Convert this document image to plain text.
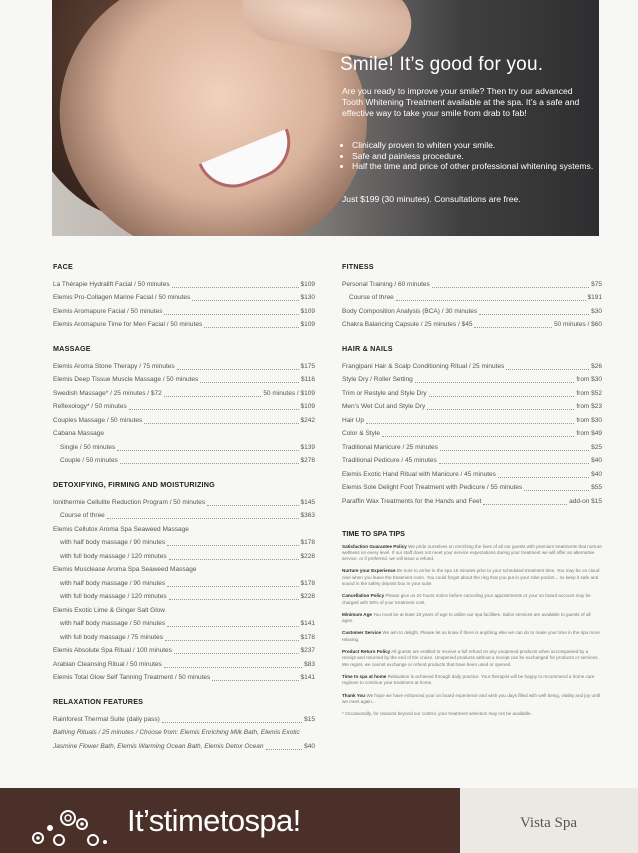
Smile! It’s good for you.
Are you ready to improve your smile? Then try our advanced Tooth Whitening Treatment available at the spa. It’s a safe and effective way to take your smile from drab to fab!
• Clinically proven to whiten your smile.
• Safe and painless procedure.
• Half the time and price of other professional whitening systems.
Just $199 (30 minutes). Consultations are free.
FACE
La Thérapie Hydralift Facial / 50 minutes	$109
Elemis Pro-Collagen Marine Facial / 50 minutes	$130
Elemis Aromapure Facial / 50 minutes	$109
Elemis Aromapure Time for Men Facial / 50 minutes	$109
MASSAGE
Elemis Aroma Stone Therapy / 75 minutes	$175
Elemis Deep Tissue Muscle Massage / 50 minutes	$116
Swedish Massage* / 25 minutes / $72	50 minutes / $109
Reflexology* / 50 minutes	$109
Couples Massage / 50 minutes	$242
Cabana Massage
Single / 50 minutes	$139
Couple / 50 minutes	$278
DETOXIFYING, FIRMING AND MOISTURIZING
Ionithermie Cellulite Reduction Program / 50 minutes	$145
Course of three	$363
Elemis Cellutox Aroma Spa Seaweed Massage
with half body massage / 90 minutes	$178
with full body massage / 120 minutes	$228
Elemis Musclease Aroma Spa Seaweed Massage
with half body massage / 90 minutes	$178
with full body massage / 120 minutes	$228
Elemis Exotic Lime & Ginger Salt Glow
with half body massage / 50 minutes	$141
with full body massage / 75 minutes	$178
Elemis Absolute Spa Ritual / 100 minutes	$237
Arabian Cleansing Ritual / 50 minutes	$83
Elemis Total Glow Self Tanning Treatment / 50 minutes	$141
RELAXATION FEATURES
Rainforest Thermal Suite (daily pass)	$15
Bathing Rituals / 25 minutes / Choose from: Elemis Enriching Milk Bath, Elemis Exotic
Jasmine Flower Bath, Elemis Warming Ocean Bath, Elemis Detox Ocean	$40
FITNESS
Personal Training / 60 minutes	$75
Course of three	$191
Body Composition Analysis (BCA) / 30 minutes	$30
Chakra Balancing Capsule / 25 minutes / $45	50 minutes / $60
HAIR & NAILS
Frangipani Hair & Scalp Conditioning Ritual / 25 minutes	$26
Style Dry / Roller Setting	from $30
Trim or Restyle and Style Dry	from $52
Men’s Wet Cut and Style Dry	from $23
Hair Up	from $30
Color & Style	from $49
Traditional Manicure / 25 minutes	$25
Traditional Pedicure / 45 minutes	$40
Elemis Exotic Hand Ritual with Manicure / 45 minutes	$40
Elemis Sole Delight Foot Treatment with Pedicure / 55 minutes	$55
Paraffin Wax Treatments for the Hands and Feet	add-on $15
TIME TO SPA TIPS
Satisfaction Guarantee Policy We pride ourselves on enriching the lives of all our guests with premium treatments that nurture wellness on every level. If our staff does not meet your service expectations during your treatment we will offer an alternative service, or if preferred, we will issue a refund.
Nurture your Experience Be sure to arrive in the spa 15 minutes prior to your scheduled treatment time. You may be on cloud nine when you leave the treatment room. You could forget about the ring that you put in your robe pocket... so keep it safe and sound in the safety deposit box in your suite.
Cancellation Policy Please give us 24 hours notice before canceling your appointments or your on board account may be charged with 50% of your treatment cost.
Minimum Age You must be at least 18 years of age to utilize our spa facilities. Salon services are available to guests of all ages.
Customer Service We aim to delight. Please let us know if there is anything else we can do to make your time in the spa more relaxing.
Product Return Policy All guests are entitled to receive a full refund on any unopened products when accompanied by a receipt and returned by the end of the cruise. Unopened products without a receipt can be exchanged for products or services. We regret, we cannot exchange or refund products that have been used or opened.
Time to spa at home Relaxation is achieved through daily practice. Your therapist will be happy to recommend a home care regimen to continue your treatment at home.
Thank You We hope we have enhanced your on board experience and wish you days filled with well being, vitality and joy until we meet again...
* Occasionally, for reasons beyond our control, your treatment selection may not be available.
It’stimetospa!	Vista Spa
